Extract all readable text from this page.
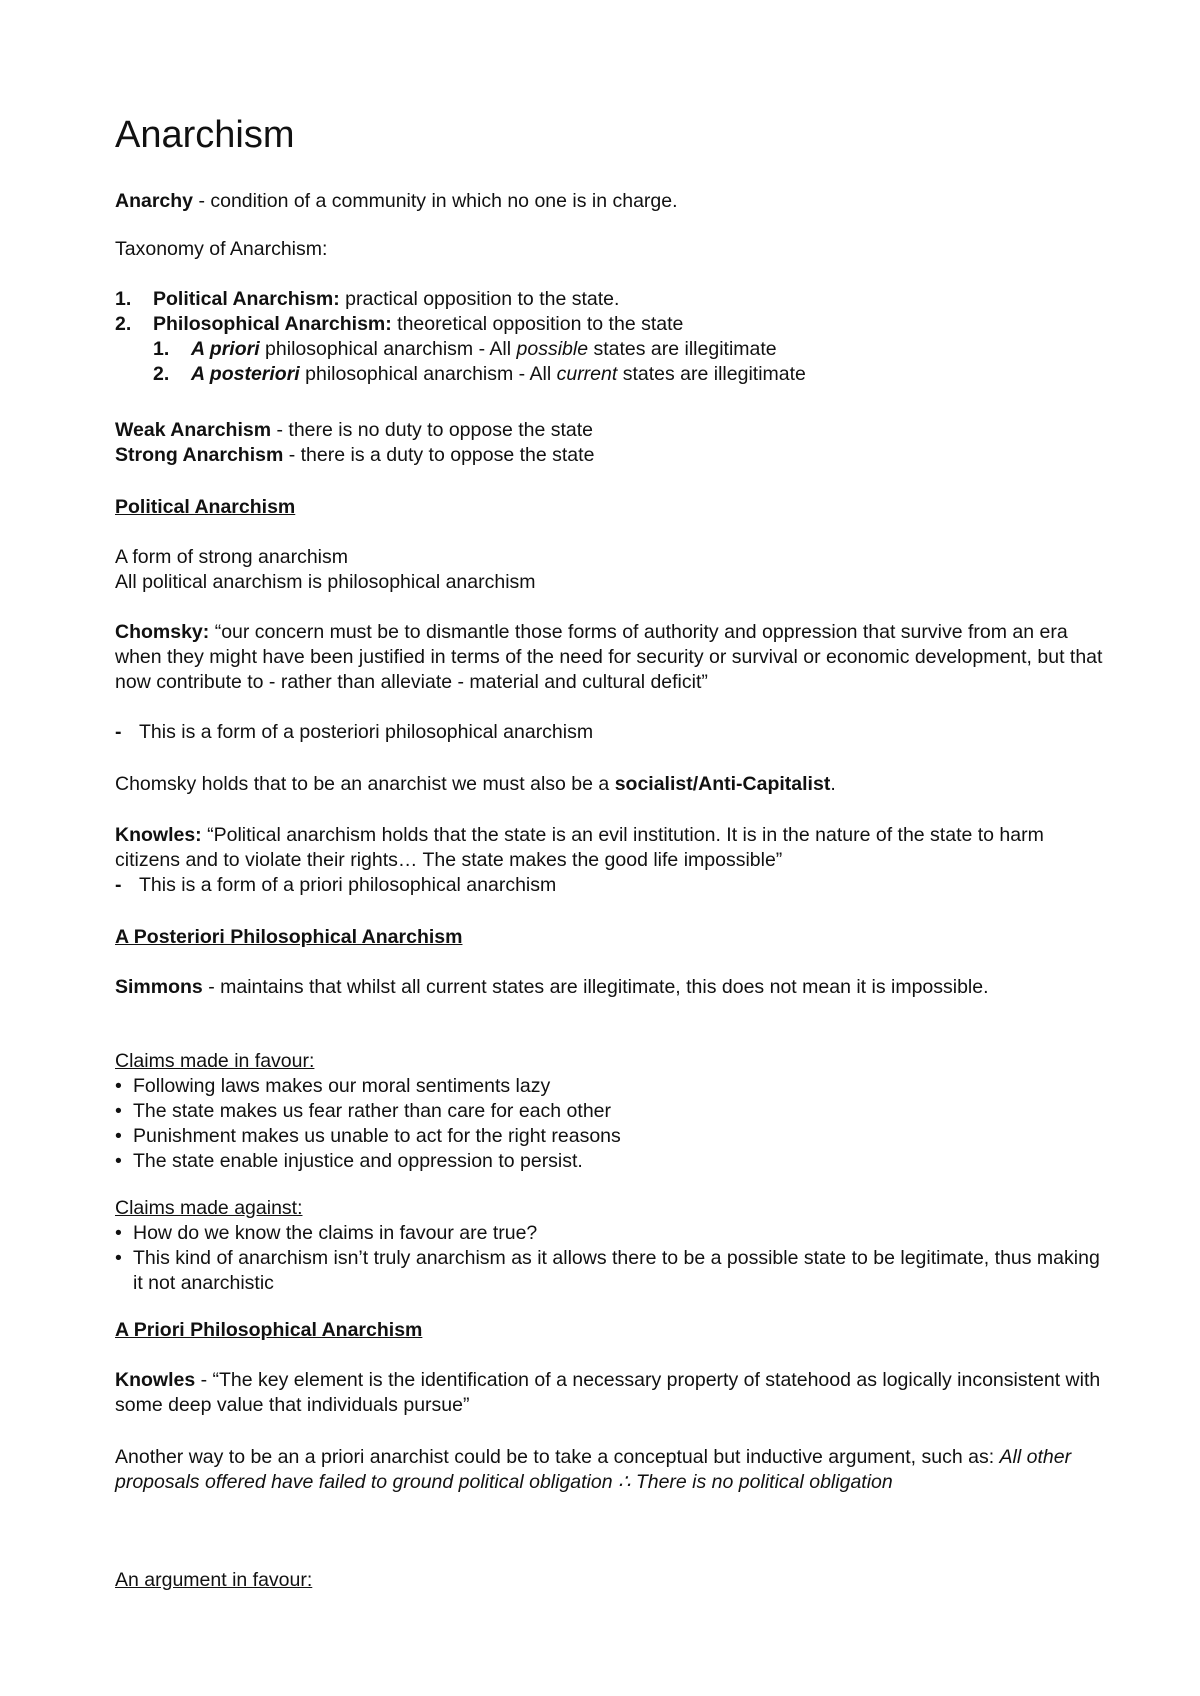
Anarchism
Anarchy - condition of a community in which no one is in charge.
Taxonomy of Anarchism:
1. Political Anarchism: practical opposition to the state.
2. Philosophical Anarchism: theoretical opposition to the state
1. A priori philosophical anarchism - All possible states are illegitimate
2. A posteriori philosophical anarchism - All current states are illegitimate
Weak Anarchism - there is no duty to oppose the state
Strong Anarchism - there is a duty to oppose the state
Political Anarchism
A form of strong anarchism
All political anarchism is philosophical anarchism
Chomsky: “our concern must be to dismantle those forms of authority and oppression that survive from an era when they might have been justified in terms of the need for security or survival or economic development, but that now contribute to - rather than alleviate - material and cultural deficit”
- This is a form of a posteriori philosophical anarchism
Chomsky holds that to be an anarchist we must also be a socialist/Anti-Capitalist.
Knowles: “Political anarchism holds that the state is an evil institution. It is in the nature of the state to harm citizens and to violate their rights… The state makes the good life impossible”
- This is a form of a priori philosophical anarchism
A Posteriori Philosophical Anarchism
Simmons - maintains that whilst all current states are illegitimate, this does not mean it is impossible.
Claims made in favour:
• Following laws makes our moral sentiments lazy
• The state makes us fear rather than care for each other
• Punishment makes us unable to act for the right reasons
• The state enable injustice and oppression to persist.
Claims made against:
• How do we know the claims in favour are true?
• This kind of anarchism isn’t truly anarchism as it allows there to be a possible state to be legitimate, thus making it not anarchistic
A Priori Philosophical Anarchism
Knowles - “The key element is the identification of a necessary property of statehood as logically inconsistent with some deep value that individuals pursue”
Another way to be an a priori anarchist could be to take a conceptual but inductive argument, such as: All other proposals offered have failed to ground political obligation ∴ There is no political obligation
An argument in favour:
